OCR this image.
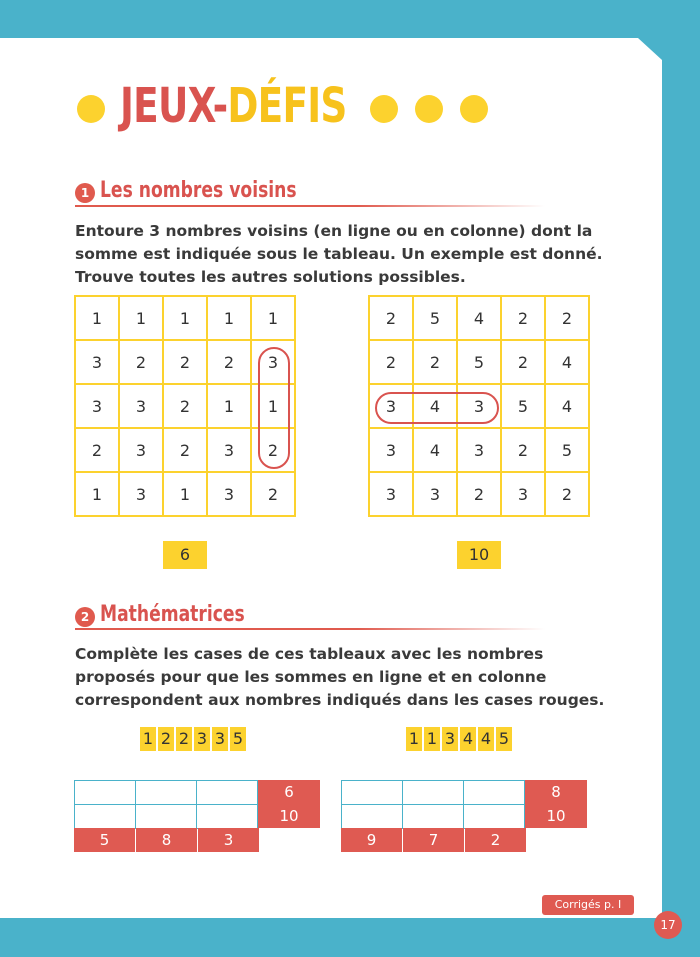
JEUX-DÉFIS
1 Les nombres voisins
Entoure 3 nombres voisins (en ligne ou en colonne) dont la somme est indiquée sous le tableau. Un exemple est donné. Trouve toutes les autres solutions possibles.
1	1	1	1	1
3	2	2	2	3
3	3	2	1	1
2	3	2	3	2
1	3	1	3	2
2	5	4	2	2
2	2	5	2	4
3	4	3	5	4
3	4	3	2	5
3	3	2	3	2
6	10
2 Mathématrices
Complète les cases de ces tableaux avec les nombres proposés pour que les sommes en ligne et en colonne correspondent aux nombres indiqués dans les cases rouges.
1 2 2 3 3 5	1 1 3 4 4 5
6
10
5	8	3
8
10
9	7	2
Corrigés p. I
17
